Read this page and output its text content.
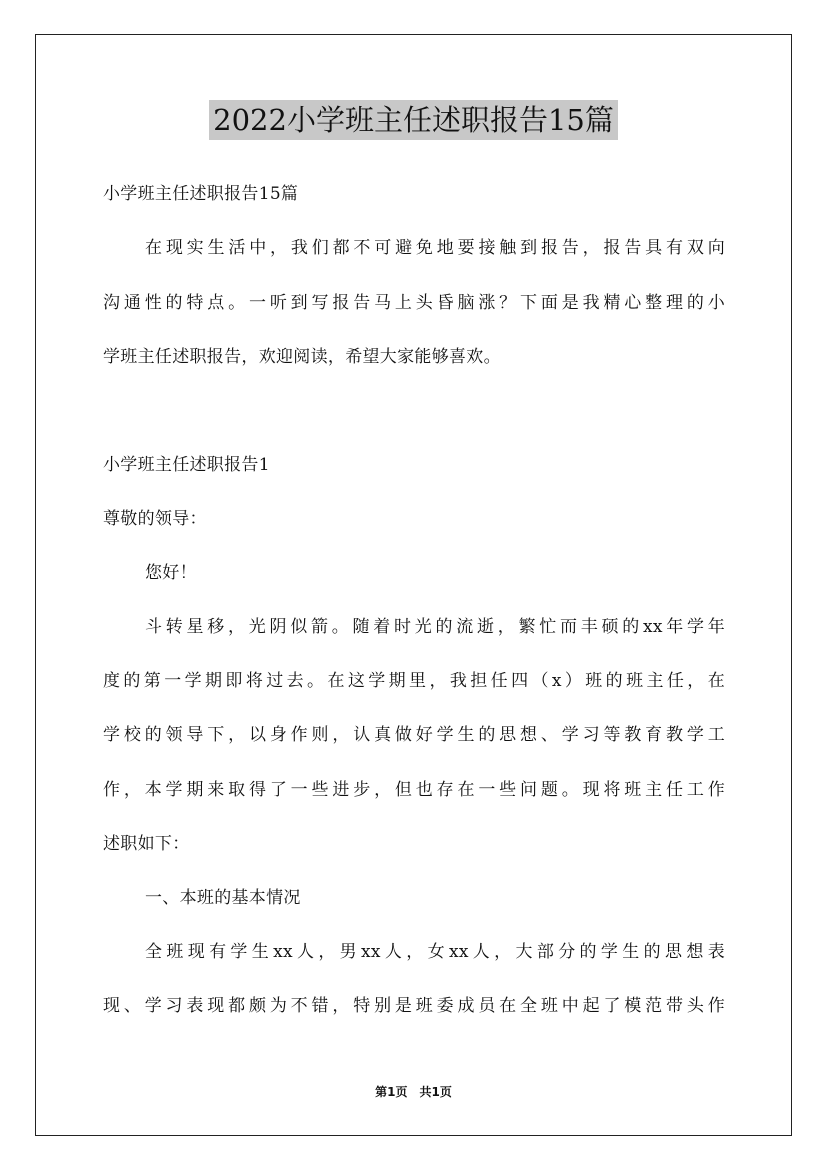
2022小学班主任述职报告15篇
小学班主任述职报告15篇
在现实生活中，我们都不可避免地要接触到报告，报告具有双向
沟通性的特点。一听到写报告马上头昏脑涨？下面是我精心整理的小
学班主任述职报告，欢迎阅读，希望大家能够喜欢。
小学班主任述职报告1
尊敬的领导：
您好！
斗转星移，光阴似箭。随着时光的流逝，繁忙而丰硕的xx年学年
度的第一学期即将过去。在这学期里，我担任四（x）班的班主任，在
学校的领导下，以身作则，认真做好学生的思想、学习等教育教学工
作，本学期来取得了一些进步，但也存在一些问题。现将班主任工作
述职如下：
一、本班的基本情况
全班现有学生xx人，男xx人，女xx人，大部分的学生的思想表
现、学习表现都颇为不错，特别是班委成员在全班中起了模范带头作
第1页　共1页
